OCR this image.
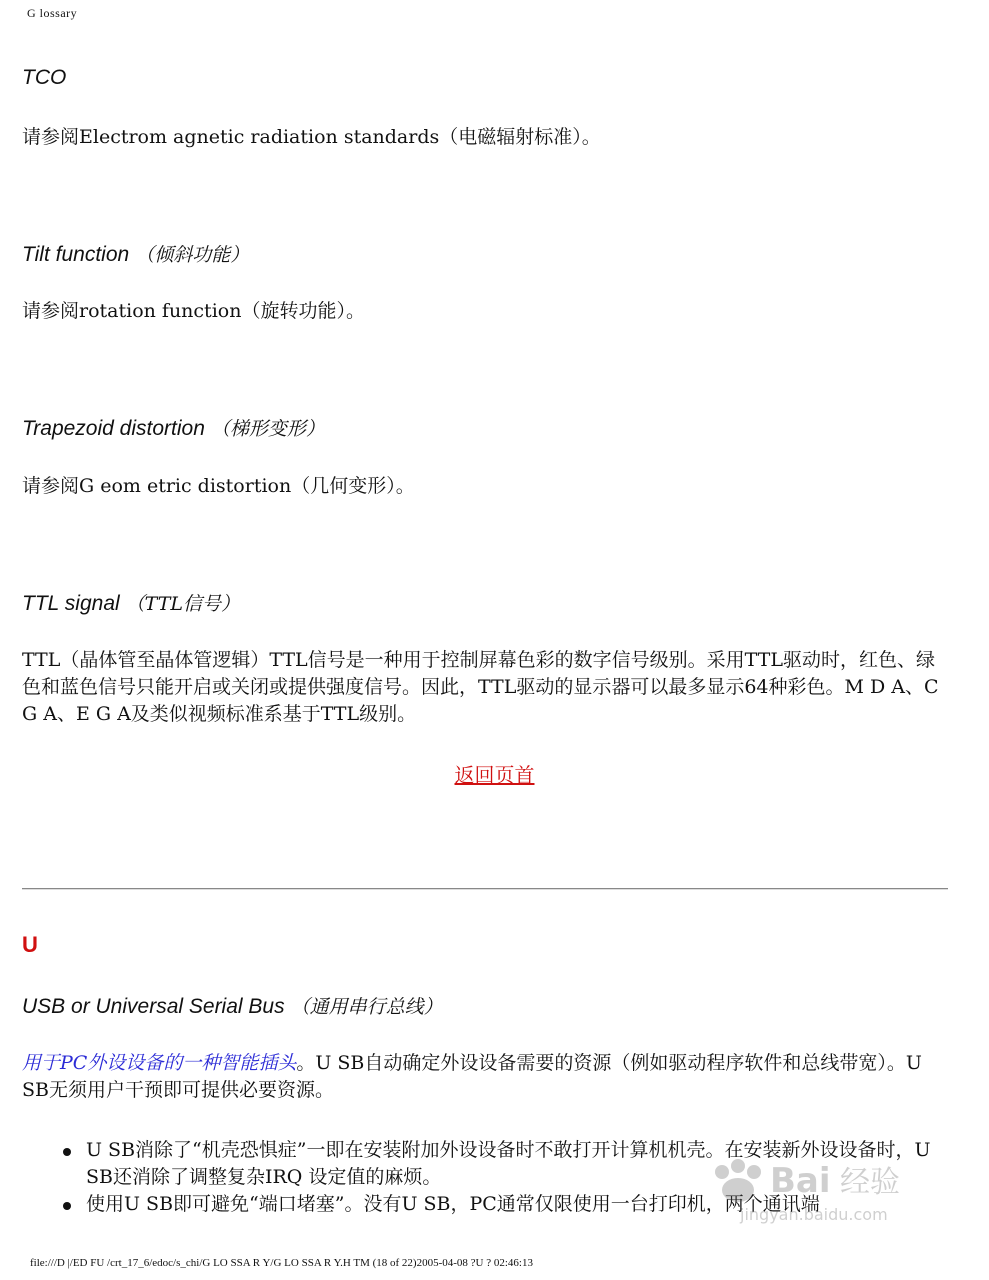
G lossary
TCO
请参阅Electrom agnetic radiation standards（电磁辐射标准）。
Tilt function （倾斜功能）
请参阅rotation function（旋转功能）。
Trapezoid distortion （梯形变形）
请参阅G eom etric distortion（几何变形）。
TTL signal （TTL信号）
TTL（晶体管至晶体管逻辑）TTL信号是一种用于控制屏幕色彩的数字信号级别。采用TTL驱动时，红色、绿色和蓝色信号只能开启或关闭或提供强度信号。因此，TTL驱动的显示器可以最多显示64种彩色。M D A、C G A、E G A及类似视频标准系基于TTL级别。
返回页首
U
USB or Universal Serial Bus （通用串行总线）
用于PC外设设备的一种智能插头。U SB自动确定外设设备需要的资源（例如驱动程序软件和总线带宽）。U SB无须用户干预即可提供必要资源。
U SB消除了“机壳恐惧症”一即在安装附加外设设备时不敢打开计算机机壳。在安装新外设设备时，U SB还消除了调整复杂IRQ 设定值的麻烦。
使用U SB即可避免“端口堵塞”。没有U SB，PC通常仅限使用一台打印机，两个通讯端
Bai 经验
jingyan.baidu.com
file:///D |/ED FU /crt_17_6/edoc/s_chi/G LO SSA R Y/G LO SSA R Y.H TM (18 of 22)2005-04-08 ?U ? 02:46:13
